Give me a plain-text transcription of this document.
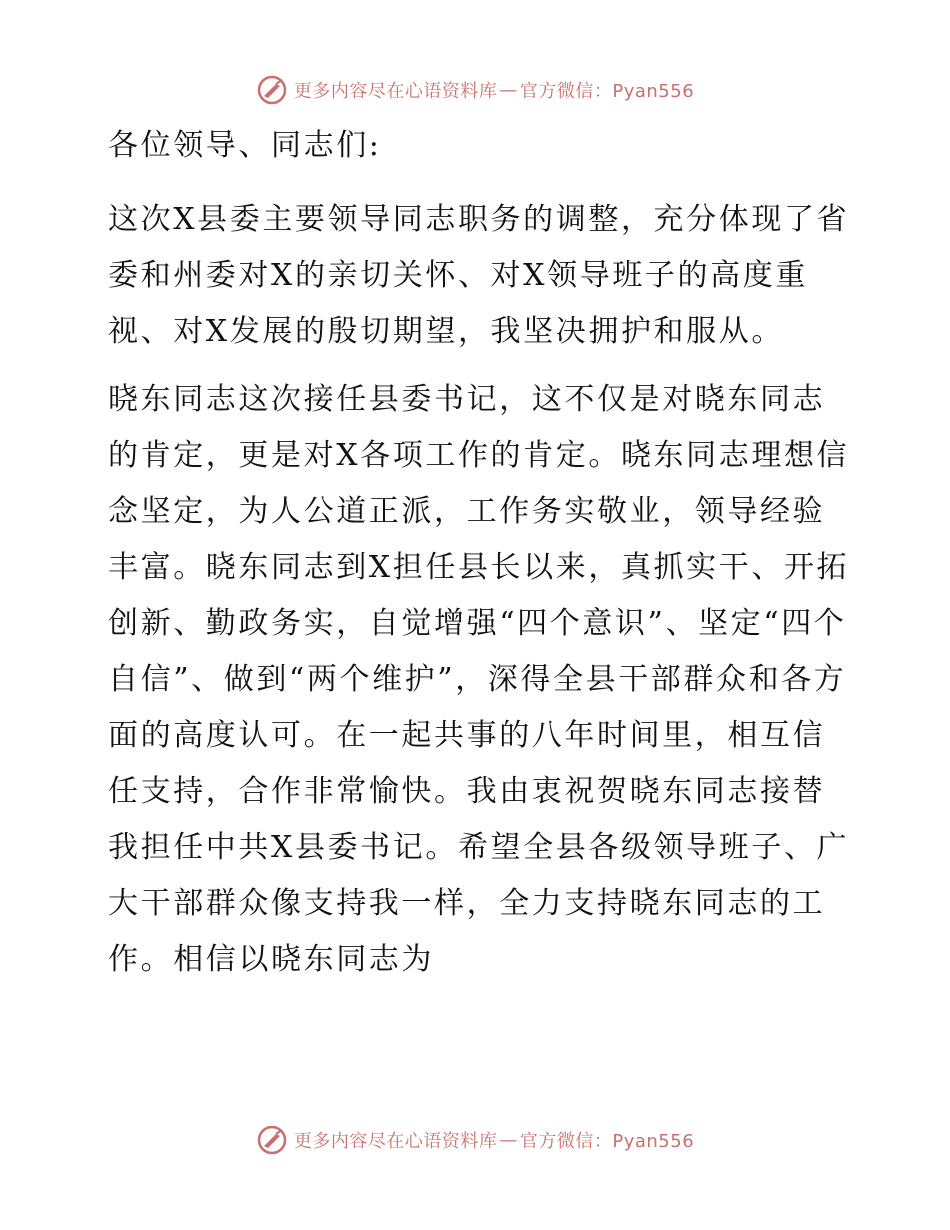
更多内容尽在心语资料库 — 官方微信：Pyan556

各位领导、同志们:

这次X县委主要领导同志职务的调整，充分体现了省委和州委对X的亲切关怀、对X领导班子的高度重视、对X发展的殷切期望，我坚决拥护和服从。

晓东同志这次接任县委书记，这不仅是对晓东同志的肯定，更是对X各项工作的肯定。晓东同志理想信念坚定，为人公道正派，工作务实敬业，领导经验丰富。晓东同志到X担任县长以来，真抓实干、开拓创新、勤政务实，自觉增强“四个意识”、坚定“四个自信”、做到“两个维护”，深得全县干部群众和各方面的高度认可。在一起共事的八年时间里，相互信任支持，合作非常愉快。我由衷祝贺晓东同志接替我担任中共X县委书记。希望全县各级领导班子、广大干部群众像支持我一样，全力支持晓东同志的工作。相信以晓东同志为

更多内容尽在心语资料库 — 官方微信：Pyan556
